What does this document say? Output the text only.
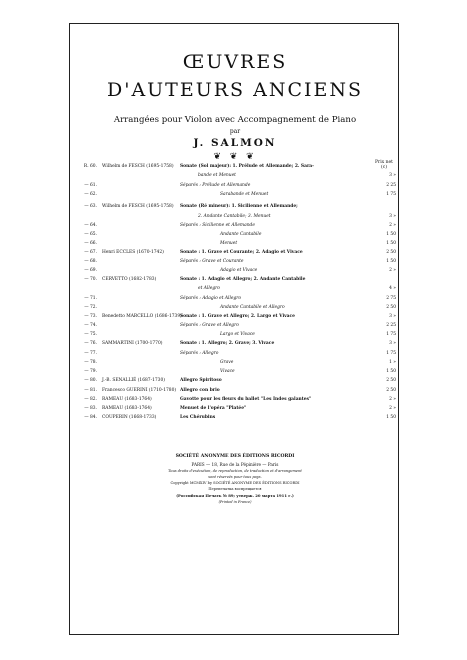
ŒUVRES
D'AUTEURS ANCIENS
Arrangées pour Violon avec Accompagnement de Piano
par
J. SALMON
❦ ❦ ❦
Prix net
(c)
R. 60. Wilhelm de FESCH (1695-1758) Sonate (Sol majeur): 1. Prélude et Allemande; 2. Sara-
bande et Menuet	3 »
— 61.	Séparés : Prélude et Allemande	2 25
— 62.	Sarabande et Menuet	1 75
— 63. Wilhelm de FESCH (1695-1758) Sonate (Ré mineur): 1. Sicilienne et Allemande;
2. Andante Cantabile; 3. Menuet	3 »
— 64.	Séparés : Sicilienne et Allemande	2 »
— 65.	Andante Cantabile	1 50
— 66.	Menuet	1 50
— 67. Henri ECCLES (1670-1742)	Sonate : 1. Grave et Courante; 2. Adagio et Vivace	2 50
— 68.	Séparés : Grave et Courante	1 50
— 69.	Adagio et Vivace	2 »
— 70. CERVETTO (1682-1783)	Sonate : 1. Adagio et Allegro; 2. Andante Cantabile
et Allegro	4 »
— 71.	Séparés : Adagio et Allegro	2 75
— 72.	Andante Cantabile et Allegro	2 50
— 73. Benedetto MARCELLO (1686-1739)
Sonate : 1. Grave et Allegro; 2. Largo et Vivace	3 »
— 74.	Séparés : Grave et Allegro	2 25
— 75.	Largo et Vivace	1 75
— 76. SAMMARTINI (1700-1770)	Sonate : 1. Allegro; 2. Grave; 3. Vivace	3 »
— 77.	Séparés : Allegro	1 75
— 78.	Grave	1 »
— 79.	Vivace	1 50
— 80. J.-B. SENALLIÉ (1687-1730)	Allegro Spiritoso	2 50
— 81. Francesco GUERINI (1710-1780) Allegro con brio	2 50
— 82. RAMEAU (1683-1764)	Gavotte pour les fleurs du ballet "Les Indes galantes"	2 »
— 83. RAMEAU (1683-1764)	Menuet de l'opéra "Platée"	2 »
— 84. COUPERIN (1668-1733)	Les Chérubins	1 50
SOCIÉTÉ ANONYME DES ÉDITIONS RICORDI
PARIS — 18, Rue de la Pépinière — Paris
Tous droits d'exécution, de reproduction, de traduction et d'arrangement
sont réservés pour tous pays.
Copyright MCMXIV by SOCIÉTÉ ANONYME DES ÉDITIONS RICORDI
Перепечатка воспрещается
(Российская Печать № 89; утверж. 20 марта 1911 г.)
(Printed in France)
